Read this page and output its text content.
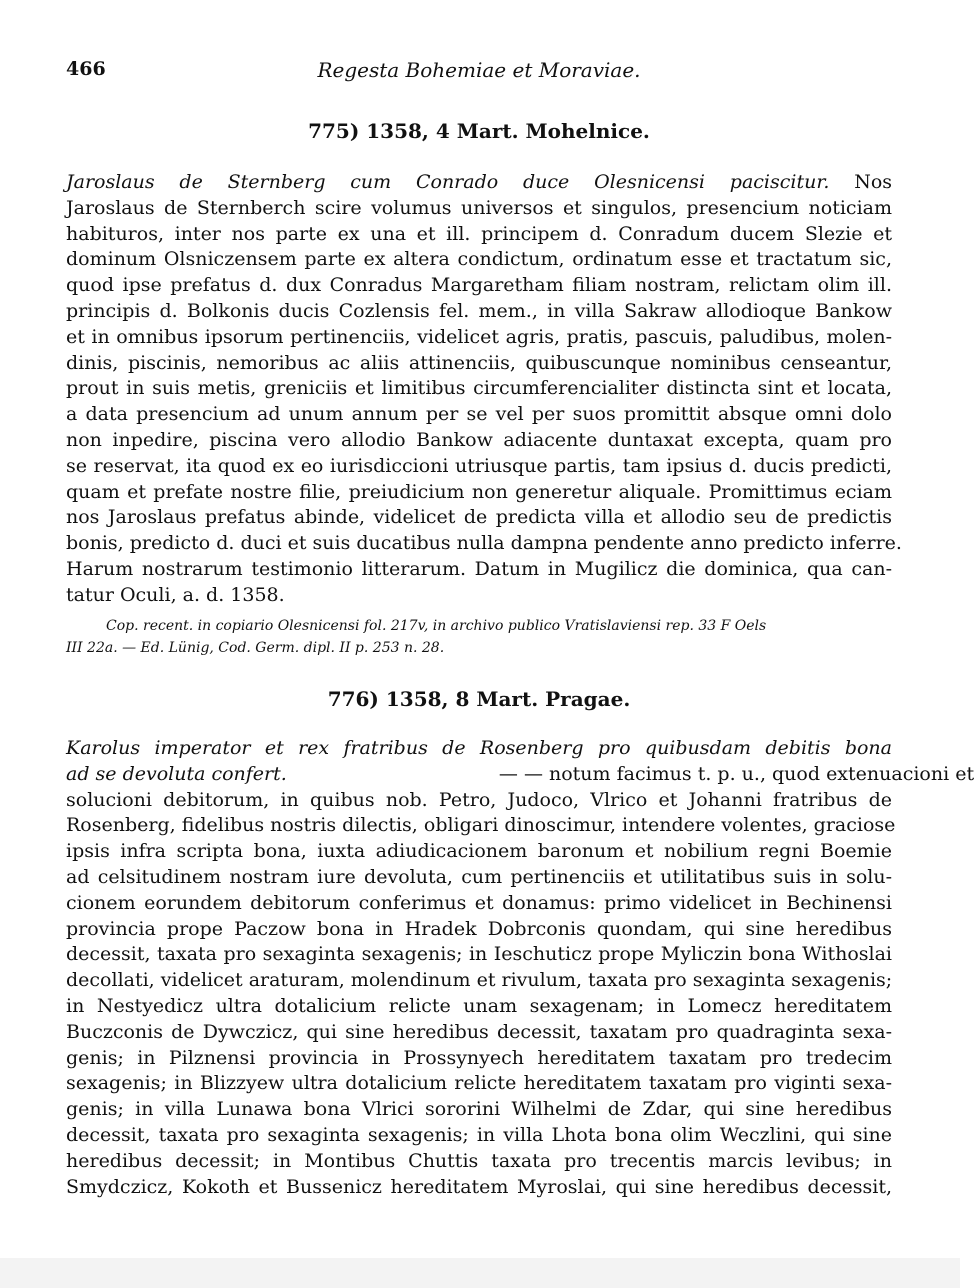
466	Regesta Bohemiae et Moraviae.
775) 1358, 4 Mart. Mohelnice.
Jaroslaus de Sternberg cum Conrado duce Olesnicensi paciscitur. Nos
Jaroslaus de Sternberch scire volumus universos et singulos, presencium noticiam
habituros, inter nos parte ex una et ill. principem d. Conradum ducem Slezie et
dominum Olsniczensem parte ex altera condictum, ordinatum esse et tractatum sic,
quod ipse prefatus d. dux Conradus Margaretham filiam nostram, relictam olim ill.
principis d. Bolkonis ducis Cozlensis fel. mem., in villa Sakraw allodioque Bankow
et in omnibus ipsorum pertinenciis, videlicet agris, pratis, pascuis, paludibus, molen-
dinis, piscinis, nemoribus ac aliis attinenciis, quibuscunque nominibus censeantur,
prout in suis metis, greniciis et limitibus circumferencialiter distincta sint et locata,
a data presencium ad unum annum per se vel per suos promittit absque omni dolo
non inpedire, piscina vero allodio Bankow adiacente duntaxat excepta, quam pro
se reservat, ita quod ex eo iurisdiccioni utriusque partis, tam ipsius d. ducis predicti,
quam et prefate nostre filie, preiudicium non generetur aliquale. Promittimus eciam
nos Jaroslaus prefatus abinde, videlicet de predicta villa et allodio seu de predictis
bonis, predicto d. duci et suis ducatibus nulla dampna pendente anno predicto inferre.
Harum nostrarum testimonio litterarum. Datum in Mugilicz die dominica, qua can-
tatur Oculi, a. d. 1358.
Cop. recent. in copiario Olesnicensi fol. 217v, in archivo publico Vratislaviensi rep. 33 F Oels
III 22a. — Ed. Lünig, Cod. Germ. dipl. II p. 253 n. 28.
776) 1358, 8 Mart. Pragae.
Karolus imperator et rex fratribus de Rosenberg pro quibusdam debitis bona
ad se devoluta confert.	— — notum facimus t. p. u., quod extenuacioni et
solucioni debitorum, in quibus nob. Petro, Judoco, Vlrico et Johanni fratribus de
Rosenberg, fidelibus nostris dilectis, obligari dinoscimur, intendere volentes, graciose
ipsis infra scripta bona, iuxta adiudicacionem baronum et nobilium regni Boemie
ad celsitudinem nostram iure devoluta, cum pertinenciis et utilitatibus suis in solu-
cionem eorundem debitorum conferimus et donamus: primo videlicet in Bechinensi
provincia prope Paczow bona in Hradek Dobrconis quondam, qui sine heredibus
decessit, taxata pro sexaginta sexagenis; in Ieschuticz prope Myliczin bona Withoslai
decollati, videlicet araturam, molendinum et rivulum, taxata pro sexaginta sexagenis;
in Nestyedicz ultra dotalicium relicte unam sexagenam; in Lomecz hereditatem
Buczconis de Dywczicz, qui sine heredibus decessit, taxatam pro quadraginta sexa-
genis; in Pilznensi provincia in Prossynyech hereditatem taxatam pro tredecim
sexagenis; in Blizzyew ultra dotalicium relicte hereditatem taxatam pro viginti sexa-
genis; in villa Lunawa bona Vlrici sororini Wilhelmi de Zdar, qui sine heredibus
decessit, taxata pro sexaginta sexagenis; in villa Lhota bona olim Weczlini, qui sine
heredibus decessit; in Montibus Chuttis taxata pro trecentis marcis levibus; in
Smydczicz, Kokoth et Bussenicz hereditatem Myroslai, qui sine heredibus decessit,
